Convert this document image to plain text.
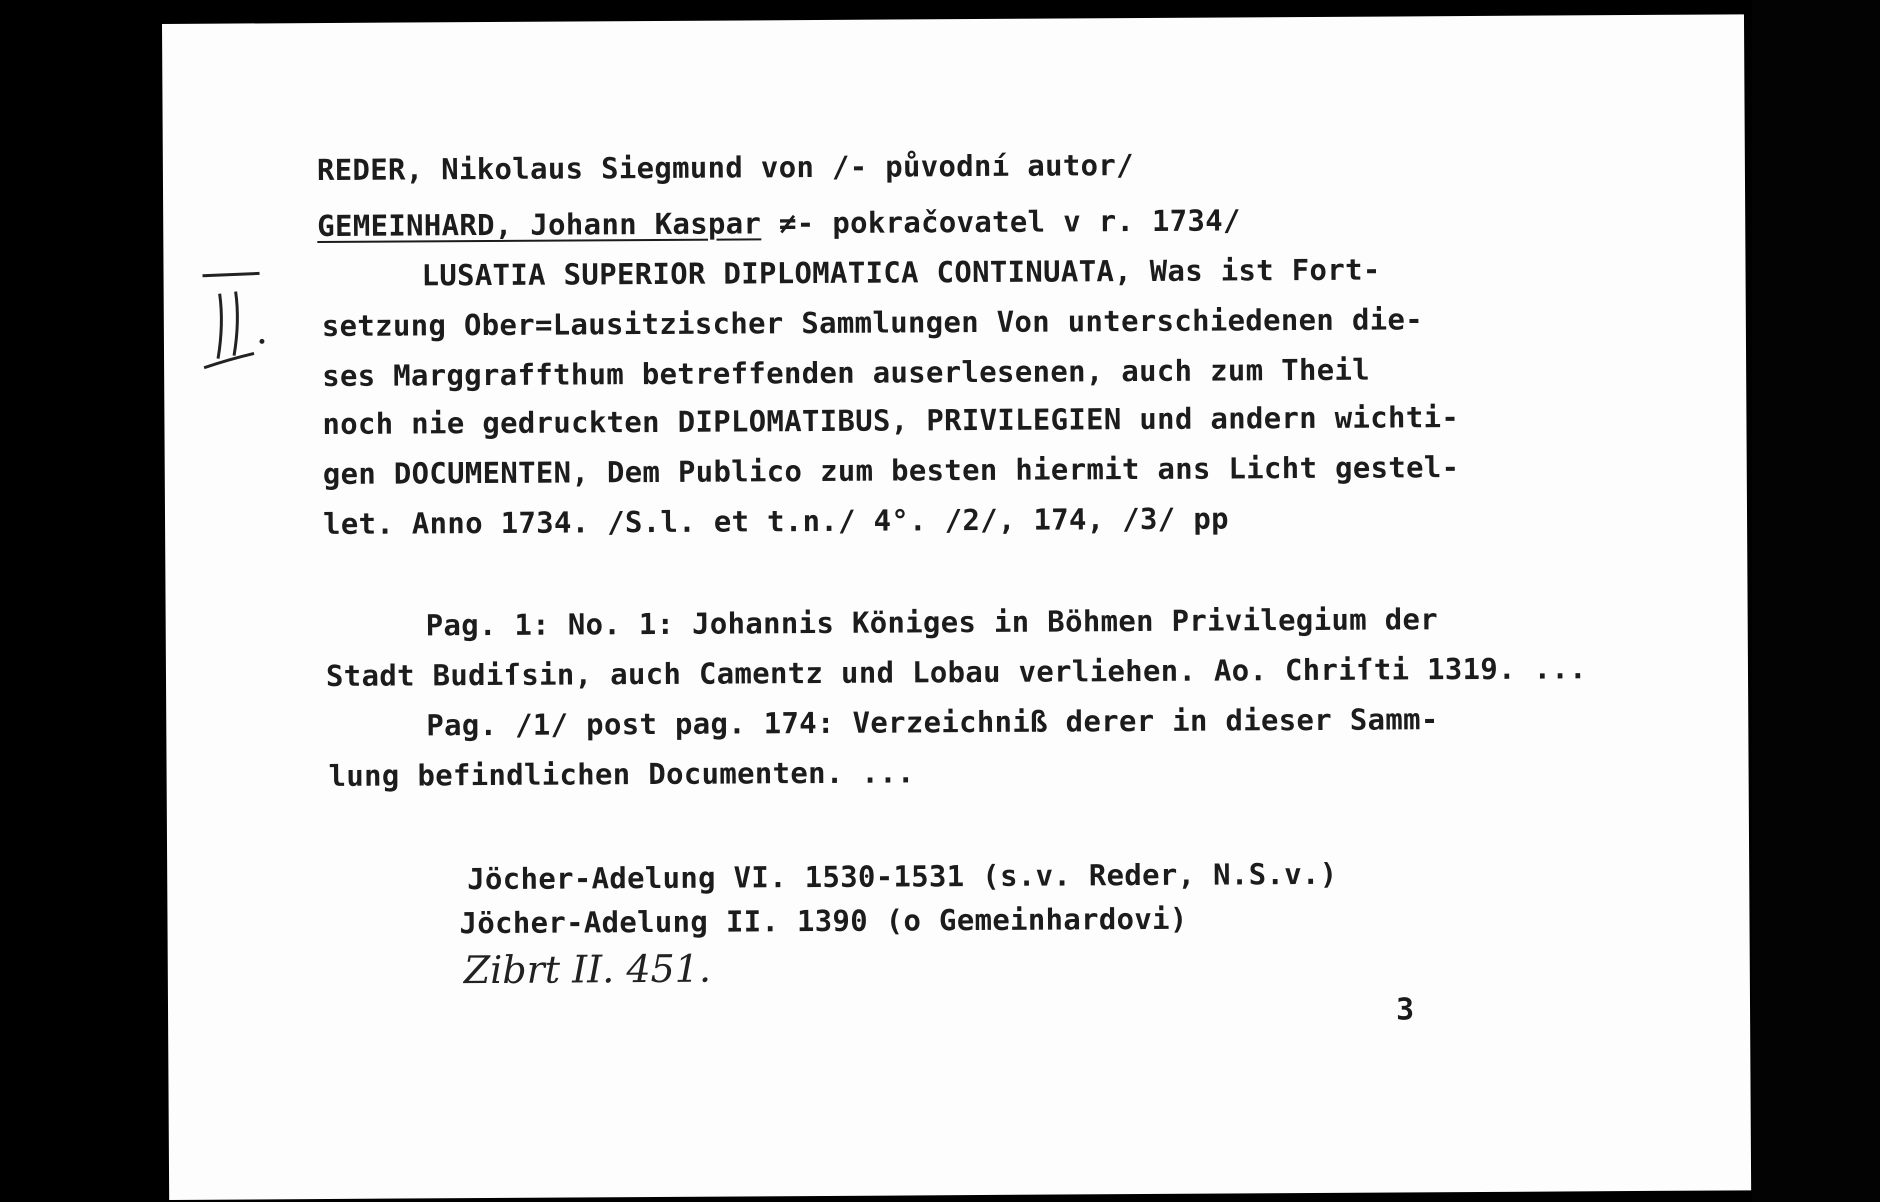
REDER, Nikolaus Siegmund von /- původní autor/
GEMEINHARD, Johann Kaspar ≠- pokračovatel v r. 1734/
LUSATIA SUPERIOR DIPLOMATICA CONTINUATA, Was ist Fort-
setzung Ober=Lausitzischer Sammlungen Von unterschiedenen die-
ses Marggraffthum betreffenden auserlesenen, auch zum Theil
noch nie gedruckten DIPLOMATIBUS, PRIVILEGIEN und andern wichti-
gen DOCUMENTEN, Dem Publico zum besten hiermit ans Licht gestel-
let. Anno 1734. /S.l. et t.n./ 4°. /2/, 174, /3/ pp
Pag. 1: No. 1: Johannis Königes in Böhmen Privilegium der
Stadt Budiſsin, auch Camentz und Lobau verliehen. Ao. Chriſti 1319. ...
Pag. /1/ post pag. 174: Verzeichniß derer in dieser Samm-
lung befindlichen Documenten. ...
Jöcher-Adelung VI. 1530-1531 (s.v. Reder, N.S.v.)
Jöcher-Adelung II. 1390 (o Gemeinhardovi)
Zibrt II. 451.
3
